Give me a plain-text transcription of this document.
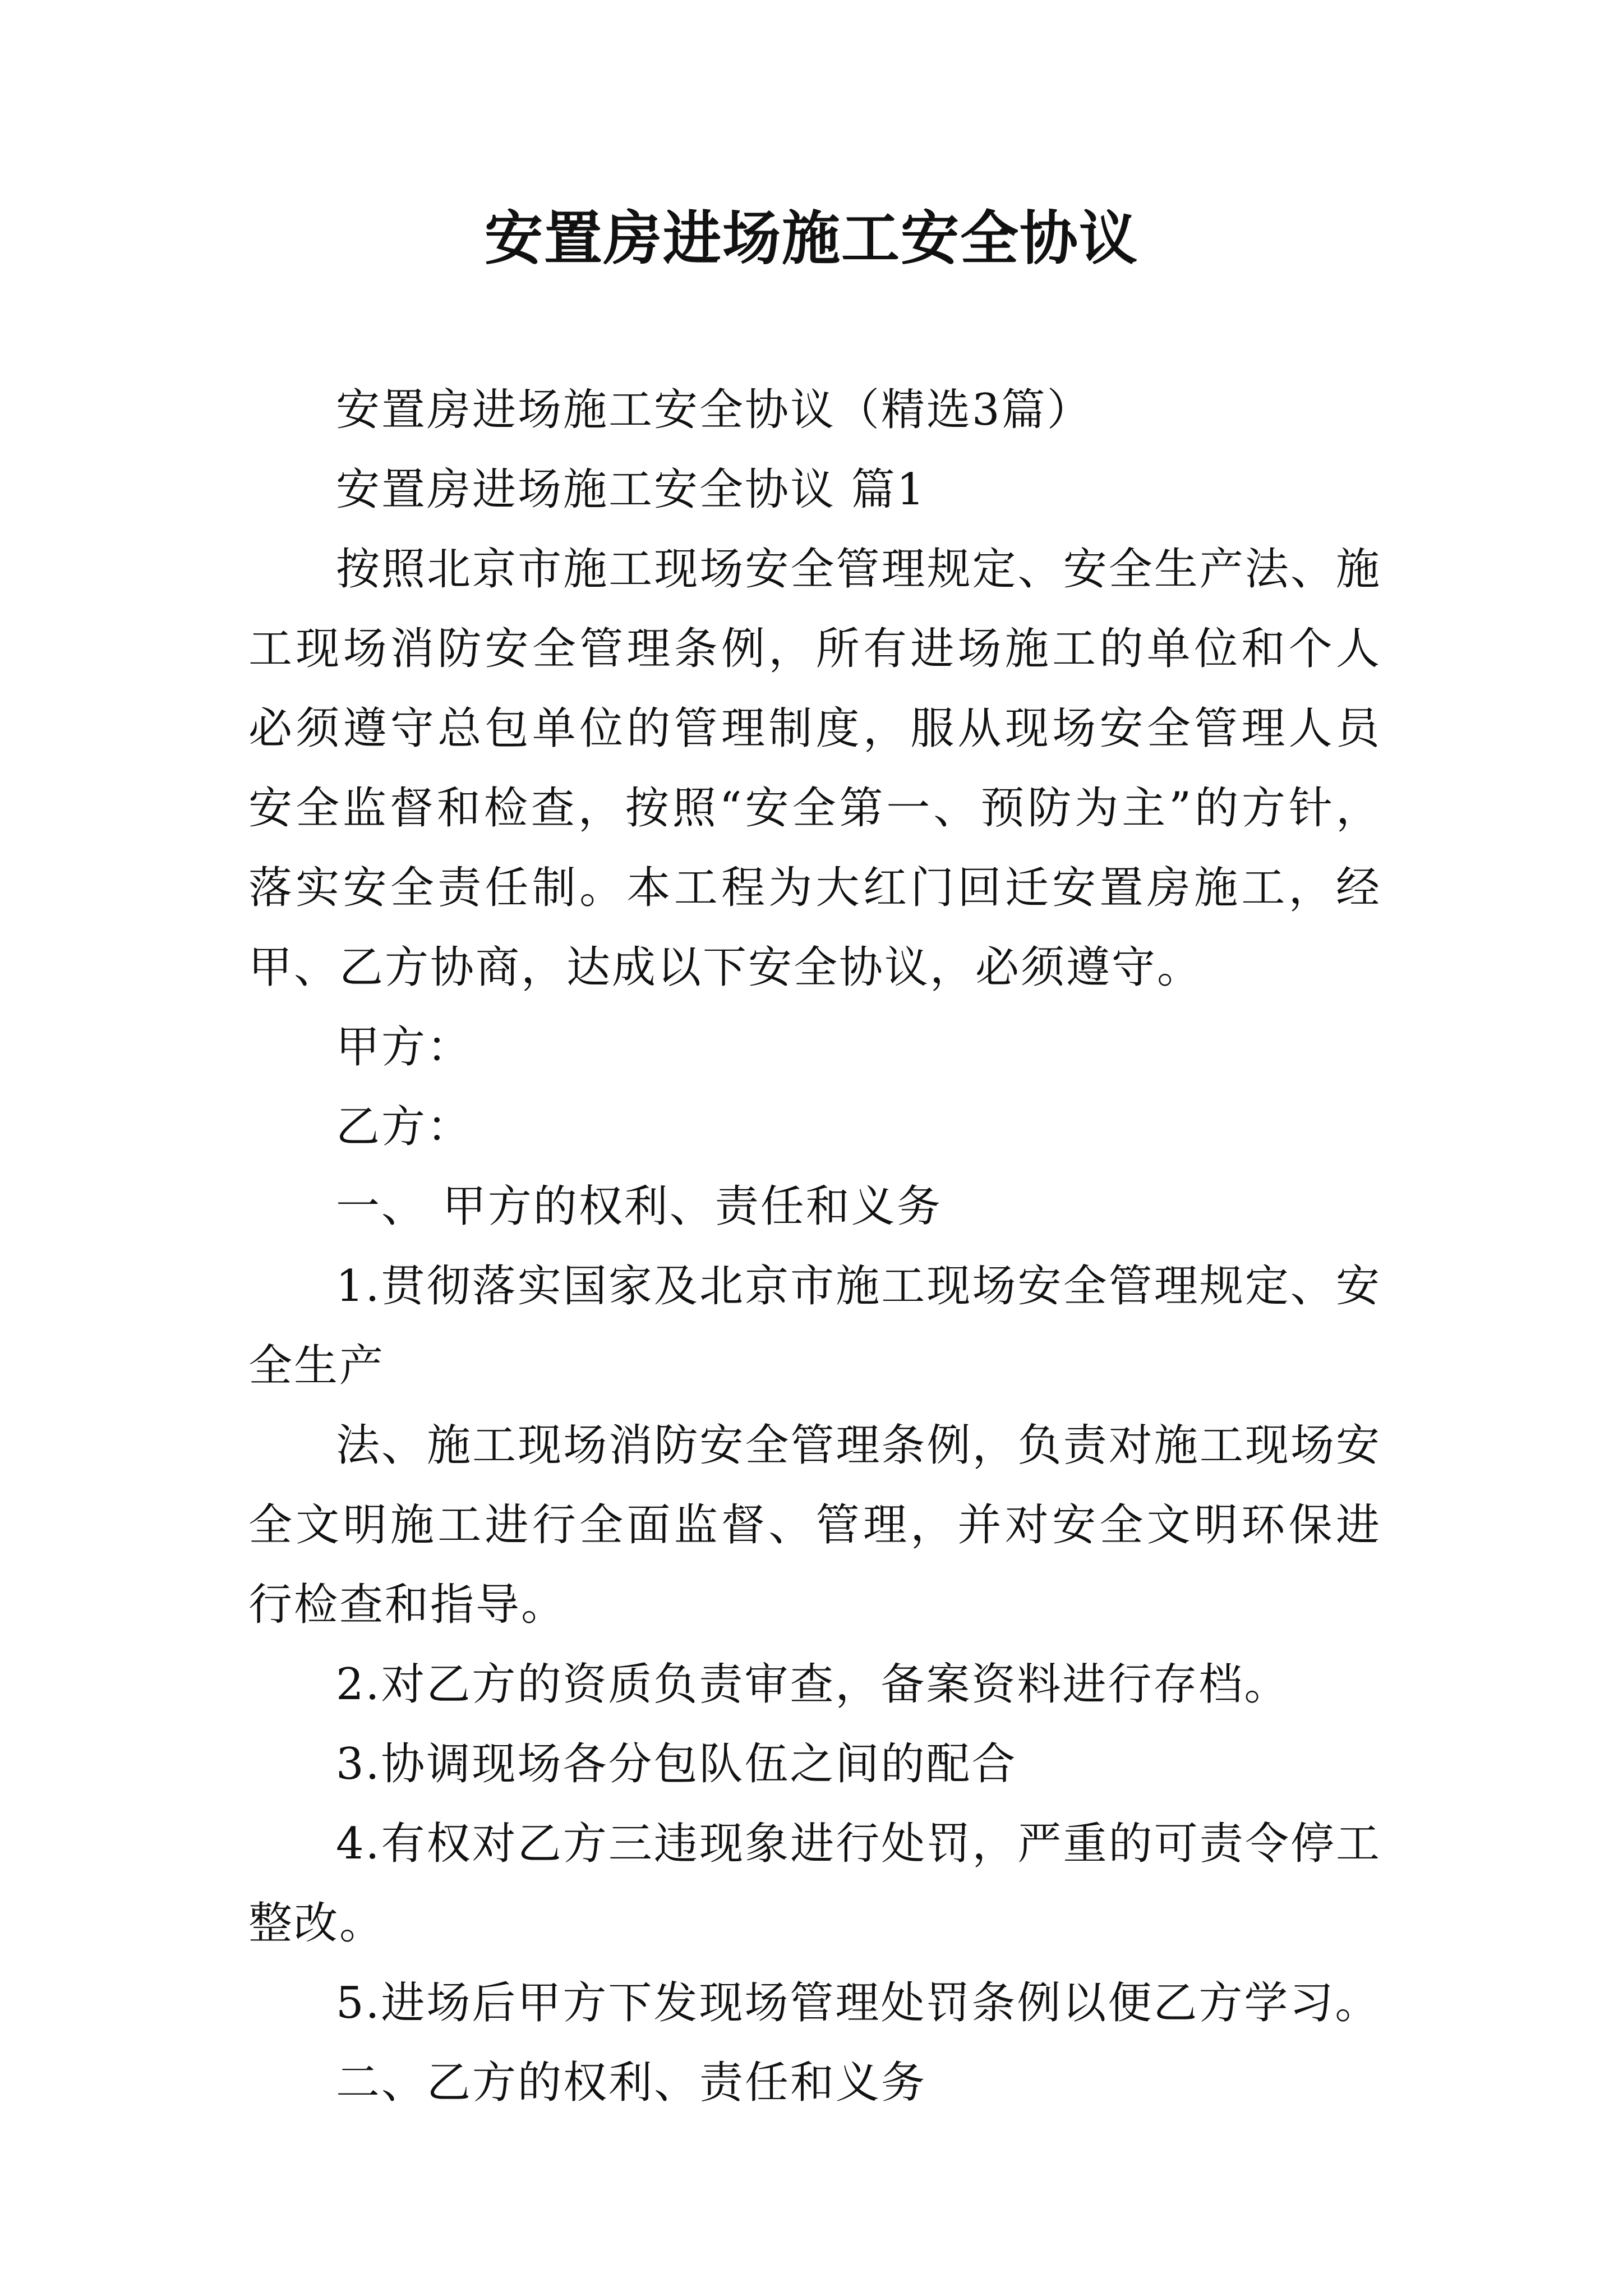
安置房进场施工安全协议

安置房进场施工安全协议（精选3篇）

安置房进场施工安全协议 篇1

按照北京市施工现场安全管理规定、安全生产法、施工现场消防安全管理条例，所有进场施工的单位和个人必须遵守总包单位的管理制度，服从现场安全管理人员安全监督和检查，按照“安全第一、预防为主”的方针，落实安全责任制。本工程为大红门回迁安置房施工，经甲、乙方协商，达成以下安全协议，必须遵守。

甲方：

乙方：

一、 甲方的权利、责任和义务

1.贯彻落实国家及北京市施工现场安全管理规定、安全生产

法、施工现场消防安全管理条例，负责对施工现场安全文明施工进行全面监督、管理，并对安全文明环保进行检查和指导。

2.对乙方的资质负责审查，备案资料进行存档。

3.协调现场各分包队伍之间的配合

4.有权对乙方三违现象进行处罚，严重的可责令停工整改。

5.进场后甲方下发现场管理处罚条例以便乙方学习。

二、乙方的权利、责任和义务
